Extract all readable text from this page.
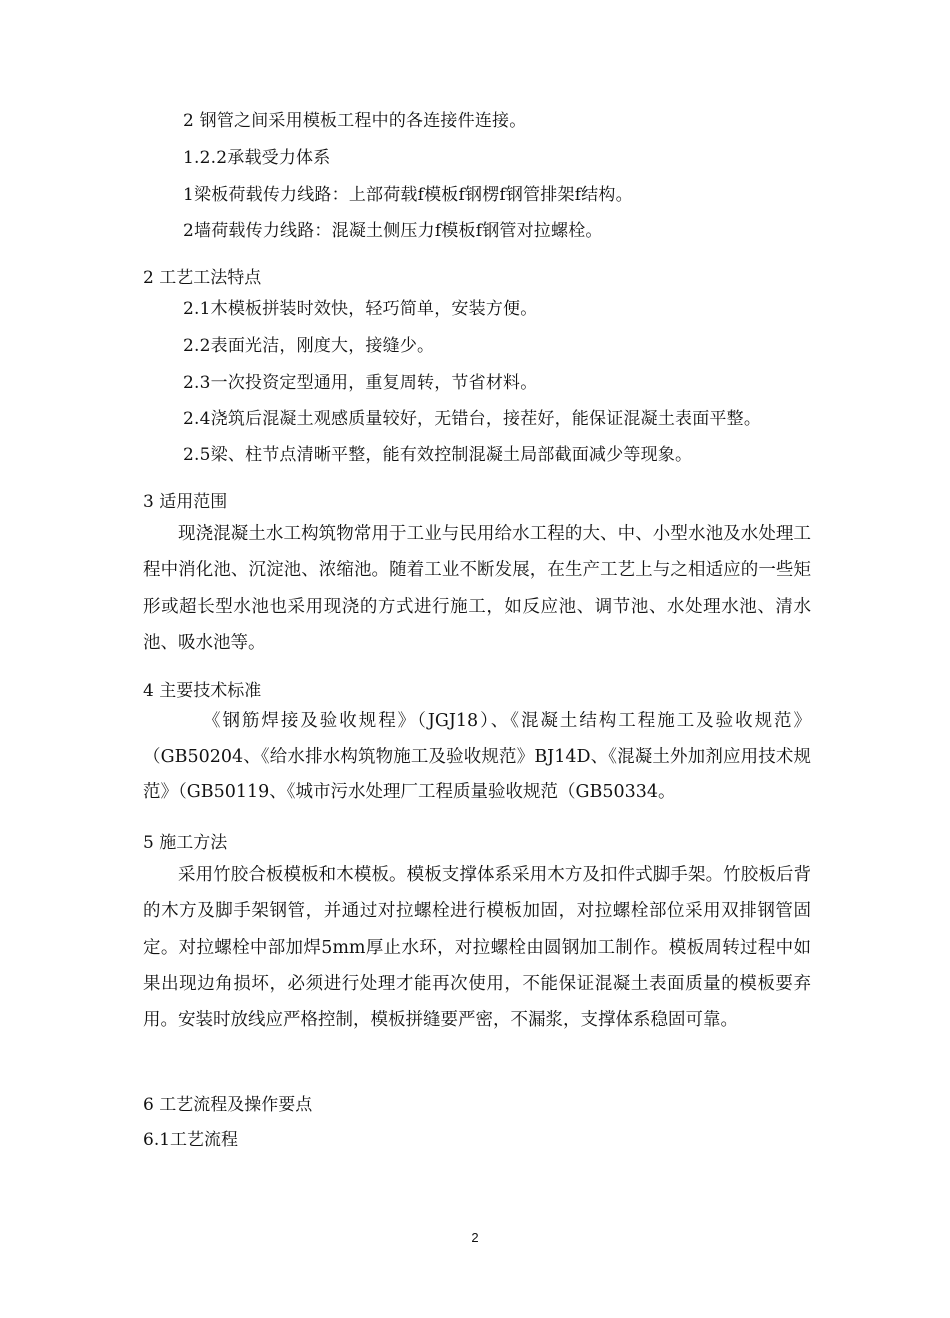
2 钢管之间采用模板工程中的各连接件连接。
1.2.2承载受力体系
1梁板荷载传力线路：上部荷载f模板f钢楞f钢管排架f结构。
2墙荷载传力线路：混凝土侧压力f模板f钢管对拉螺栓。
2 工艺工法特点
2.1木模板拼装时效快，轻巧简单，安装方便。
2.2表面光洁，刚度大，接缝少。
2.3一次投资定型通用，重复周转，节省材料。
2.4浇筑后混凝土观感质量较好，无错台，接茬好，能保证混凝土表面平整。
2.5梁、柱节点清晰平整，能有效控制混凝土局部截面减少等现象。
3 适用范围
现浇混凝土水工构筑物常用于工业与民用给水工程的大、中、小型水池及水处理工程中消化池、沉淀池、浓缩池。随着工业不断发展，在生产工艺上与之相适应的一些矩形或超长型水池也采用现浇的方式进行施工，如反应池、调节池、水处理水池、清水池、吸水池等。
4 主要技术标准
《钢筋焊接及验收规程》（JGJ18）、《混凝土结构工程施工及验收规范》（GB50204、《给水排水构筑物施工及验收规范》BJ14D、《混凝土外加剂应用技术规范》（GB50119、《城市污水处理厂工程质量验收规范（GB50334。
5 施工方法
采用竹胶合板模板和木模板。模板支撑体系采用木方及扣件式脚手架。竹胶板后背的木方及脚手架钢管，并通过对拉螺栓进行模板加固，对拉螺栓部位采用双排钢管固定。对拉螺栓中部加焊5mm厚止水环，对拉螺栓由圆钢加工制作。模板周转过程中如果出现边角损坏，必须进行处理才能再次使用，不能保证混凝土表面质量的模板要弃用。安装时放线应严格控制，模板拼缝要严密，不漏浆，支撑体系稳固可靠。
6 工艺流程及操作要点
6.1工艺流程
2
